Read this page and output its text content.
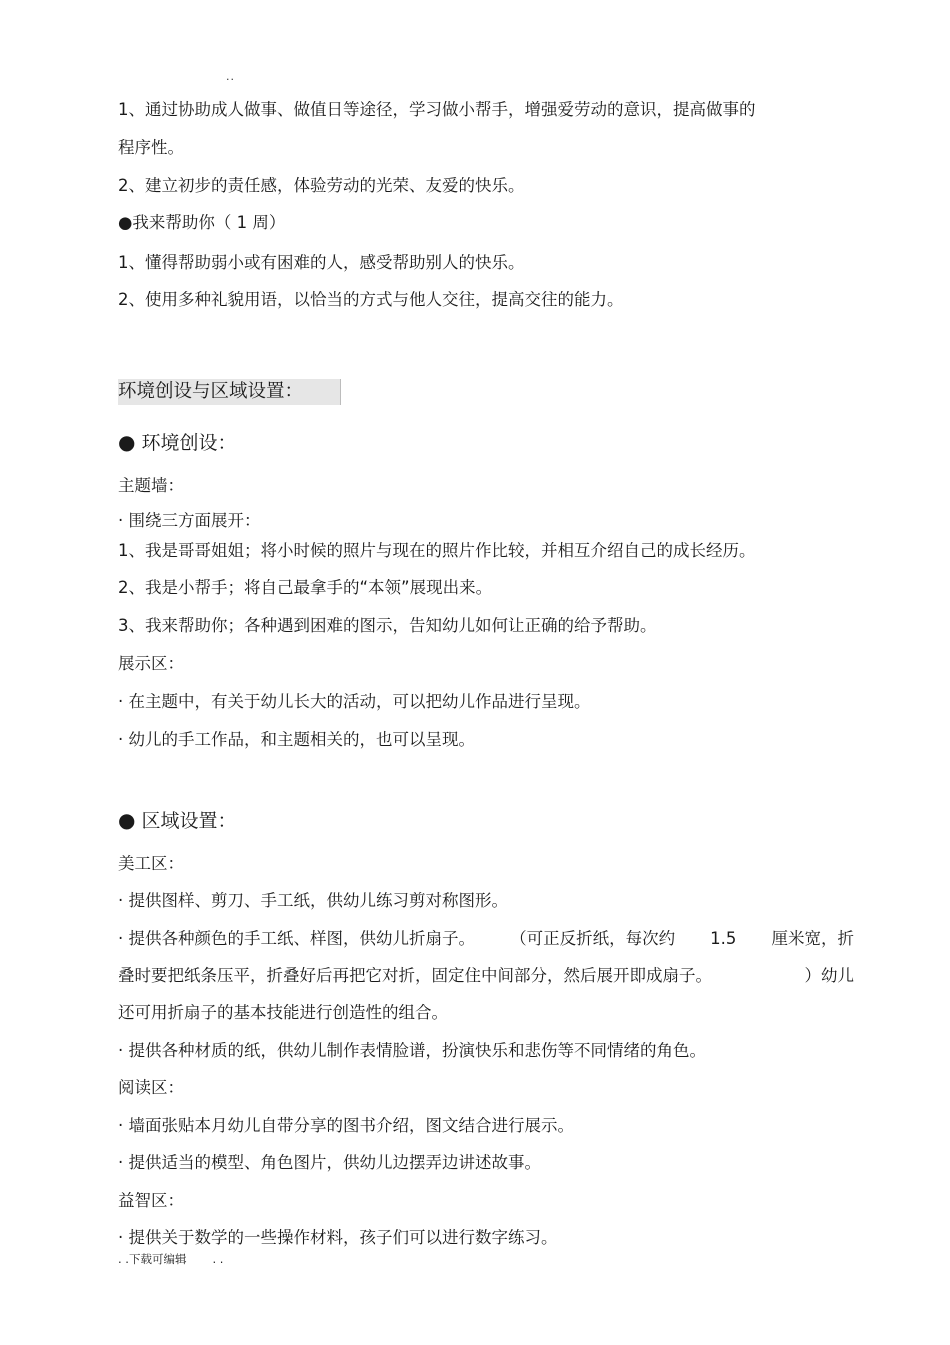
..

1、通过协助成人做事、做值日等途径，学习做小帮手，增强爱劳动的意识，提高做事的

程序性。

2、建立初步的责任感，体验劳动的光荣、友爱的快乐。

●我来帮助你（ 1 周）

1、懂得帮助弱小或有困难的人，感受帮助别人的快乐。

2、使用多种礼貌用语，以恰当的方式与他人交往，提高交往的能力。

环境创设与区域设置：

● 环境创设：

主题墙：

· 围绕三方面展开：

1、我是哥哥姐姐；将小时候的照片与现在的照片作比较，并相互介绍自己的成长经历。

2、我是小帮手；将自己最拿手的“本领”展现出来。

3、我来帮助你；各种遇到困难的图示，告知幼儿如何让正确的给予帮助。

展示区：

· 在主题中，有关于幼儿长大的活动，可以把幼儿作品进行呈现。

· 幼儿的手工作品，和主题相关的，也可以呈现。

● 区域设置：

美工区：

· 提供图样、剪刀、手工纸，供幼儿练习剪对称图形。

· 提供各种颜色的手工纸、样图，供幼儿折扇子。 （可正反折纸，每次约 1.5 厘米宽，折

叠时要把纸条压平，折叠好后再把它对折，固定住中间部分，然后展开即成扇子。	）幼儿

还可用折扇子的基本技能进行创造性的组合。

· 提供各种材质的纸，供幼儿制作表情脸谱，扮演快乐和悲伤等不同情绪的角色。

阅读区：

· 墙面张贴本月幼儿自带分享的图书介绍，图文结合进行展示。

· 提供适当的模型、角色图片，供幼儿边摆弄边讲述故事。

益智区：

· 提供关于数学的一些操作材料，孩子们可以进行数字练习。

. .下载可编辑 . .
